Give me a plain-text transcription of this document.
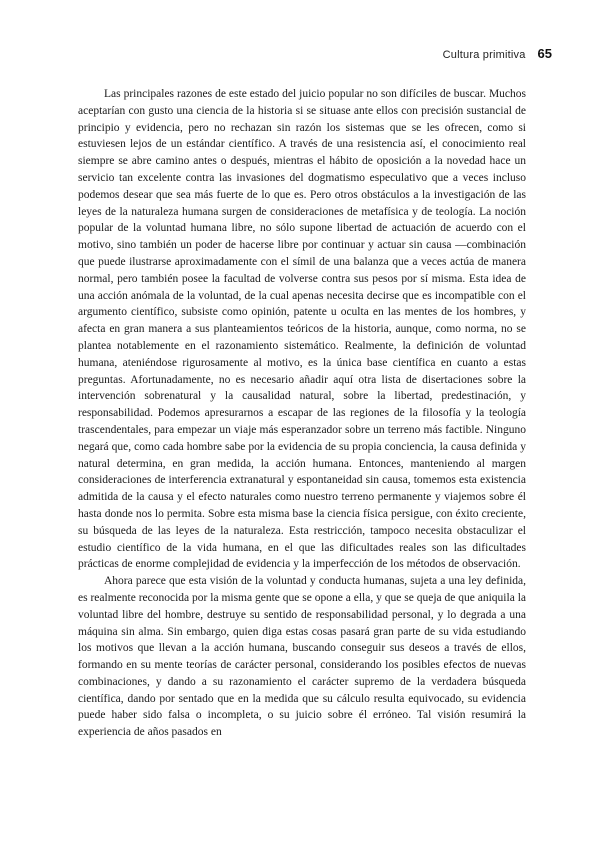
Cultura primitiva 65

Las principales razones de este estado del juicio popular no son difíciles de buscar. Muchos aceptarían con gusto una ciencia de la historia si se situase ante ellos con precisión sustancial de principio y evidencia, pero no rechazan sin razón los sistemas que se les ofrecen, como si estuviesen lejos de un estándar científico. A través de una resistencia así, el conocimiento real siempre se abre camino antes o después, mientras el hábito de oposición a la novedad hace un servicio tan excelente contra las invasiones del dogmatismo especulativo que a veces incluso podemos desear que sea más fuerte de lo que es. Pero otros obstáculos a la investigación de las leyes de la naturaleza humana surgen de consideraciones de metafísica y de teología. La noción popular de la voluntad humana libre, no sólo supone libertad de actuación de acuerdo con el motivo, sino también un poder de hacerse libre por continuar y actuar sin causa —combinación que puede ilustrarse aproximadamente con el símil de una balanza que a veces actúa de manera normal, pero también posee la facultad de volverse contra sus pesos por sí misma. Esta idea de una acción anómala de la voluntad, de la cual apenas necesita decirse que es incompatible con el argumento científico, subsiste como opinión, patente u oculta en las mentes de los hombres, y afecta en gran manera a sus planteamientos teóricos de la historia, aunque, como norma, no se plantea notablemente en el razonamiento sistemático. Realmente, la definición de voluntad humana, ateniéndose rigurosamente al motivo, es la única base científica en cuanto a estas preguntas. Afortunadamente, no es necesario añadir aquí otra lista de disertaciones sobre la intervención sobrenatural y la causalidad natural, sobre la libertad, predestinación, y responsabilidad. Podemos apresurarnos a escapar de las regiones de la filosofía y la teología trascendentales, para empezar un viaje más esperanzador sobre un terreno más factible. Ninguno negará que, como cada hombre sabe por la evidencia de su propia conciencia, la causa definida y natural determina, en gran medida, la acción humana. Entonces, manteniendo al margen consideraciones de interferencia extranatural y espontaneidad sin causa, tomemos esta existencia admitida de la causa y el efecto naturales como nuestro terreno permanente y viajemos sobre él hasta donde nos lo permita. Sobre esta misma base la ciencia física persigue, con éxito creciente, su búsqueda de las leyes de la naturaleza. Esta restricción, tampoco necesita obstaculizar el estudio científico de la vida humana, en el que las dificultades reales son las dificultades prácticas de enorme complejidad de evidencia y la imperfección de los métodos de observación.

Ahora parece que esta visión de la voluntad y conducta humanas, sujeta a una ley definida, es realmente reconocida por la misma gente que se opone a ella, y que se queja de que aniquila la voluntad libre del hombre, destruye su sentido de responsabilidad personal, y lo degrada a una máquina sin alma. Sin embargo, quien diga estas cosas pasará gran parte de su vida estudiando los motivos que llevan a la acción humana, buscando conseguir sus deseos a través de ellos, formando en su mente teorías de carácter personal, considerando los posibles efectos de nuevas combinaciones, y dando a su razonamiento el carácter supremo de la verdadera búsqueda científica, dando por sentado que en la medida que su cálculo resulta equivocado, su evidencia puede haber sido falsa o incompleta, o su juicio sobre él erróneo. Tal visión resumirá la experiencia de años pasados en
